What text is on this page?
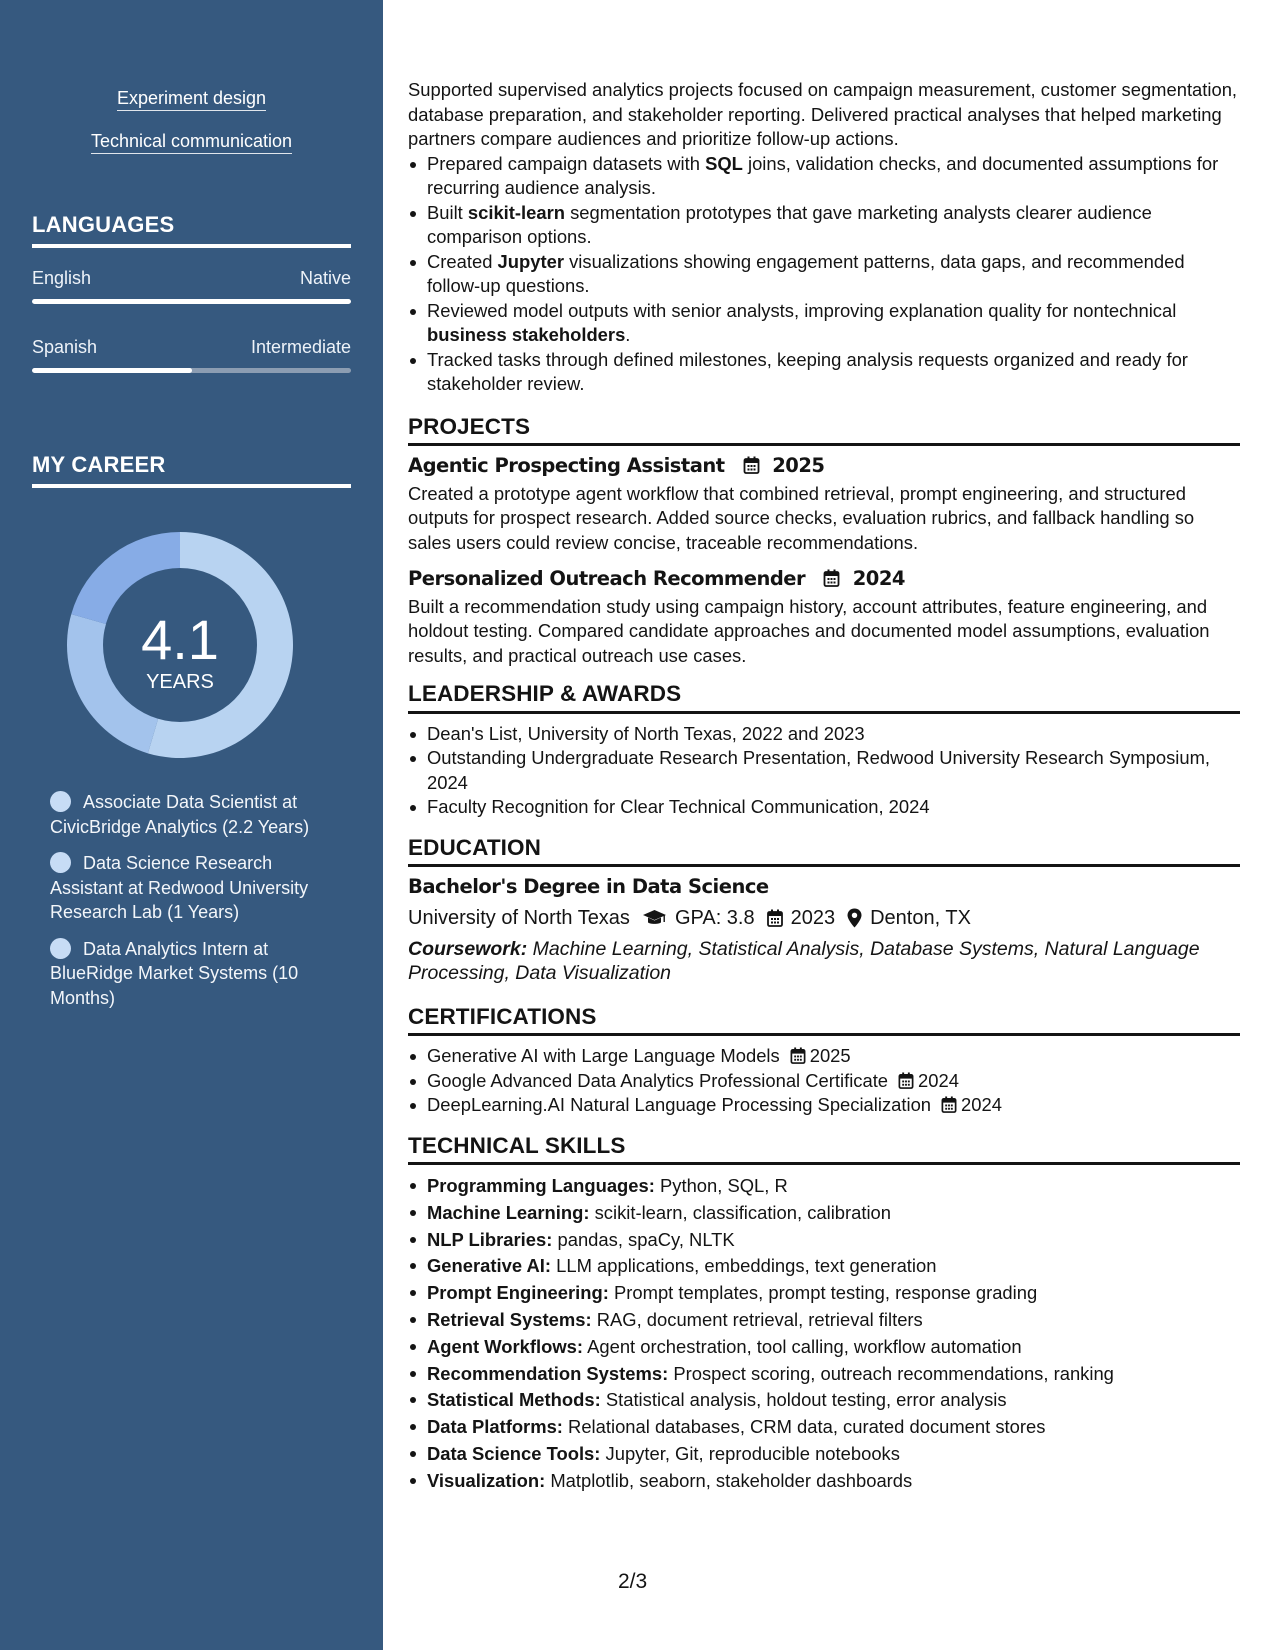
Experiment design
Technical communication
LANGUAGES
English	Native
Spanish	Intermediate
MY CAREER
4.1
YEARS
Associate Data Scientist at CivicBridge Analytics (2.2 Years)
Data Science Research Assistant at Redwood University Research Lab (1 Years)
Data Analytics Intern at BlueRidge Market Systems (10 Months)

Supported supervised analytics projects focused on campaign measurement, customer segmentation, database preparation, and stakeholder reporting. Delivered practical analyses that helped marketing partners compare audiences and prioritize follow-up actions.

Prepared campaign datasets with SQL joins, validation checks, and documented assumptions for recurring audience analysis.
Built scikit-learn segmentation prototypes that gave marketing analysts clearer audience comparison options.
Created Jupyter visualizations showing engagement patterns, data gaps, and recommended follow-up questions.
Reviewed model outputs with senior analysts, improving explanation quality for nontechnical business stakeholders.
Tracked tasks through defined milestones, keeping analysis requests organized and ready for stakeholder review.
PROJECTS
Agentic Prospecting Assistant 2025

Created a prototype agent workflow that combined retrieval, prompt engineering, and structured outputs for prospect research. Added source checks, evaluation rubrics, and fallback handling so sales users could review concise, traceable recommendations.

Personalized Outreach Recommender 2024

Built a recommendation study using campaign history, account attributes, feature engineering, and holdout testing. Compared candidate approaches and documented model assumptions, evaluation results, and practical outreach use cases.

LEADERSHIP & AWARDS
Dean's List, University of North Texas, 2022 and 2023
Outstanding Undergraduate Research Presentation, Redwood University Research Symposium, 2024
Faculty Recognition for Clear Technical Communication, 2024
EDUCATION
Bachelor's Degree in Data Science
University of North Texas GPA: 3.8 2023 Denton, TX
Coursework: Machine Learning, Statistical Analysis, Database Systems, Natural Language Processing, Data Visualization
CERTIFICATIONS
Generative AI with Large Language Models 2025
Google Advanced Data Analytics Professional Certificate 2024
DeepLearning.AI Natural Language Processing Specialization 2024
TECHNICAL SKILLS
Programming Languages: Python, SQL, R
Machine Learning: scikit-learn, classification, calibration
NLP Libraries: pandas, spaCy, NLTK
Generative AI: LLM applications, embeddings, text generation
Prompt Engineering: Prompt templates, prompt testing, response grading
Retrieval Systems: RAG, document retrieval, retrieval filters
Agent Workflows: Agent orchestration, tool calling, workflow automation
Recommendation Systems: Prospect scoring, outreach recommendations, ranking
Statistical Methods: Statistical analysis, holdout testing, error analysis
Data Platforms: Relational databases, CRM data, curated document stores
Data Science Tools: Jupyter, Git, reproducible notebooks
Visualization: Matplotlib, seaborn, stakeholder dashboards
2/3
